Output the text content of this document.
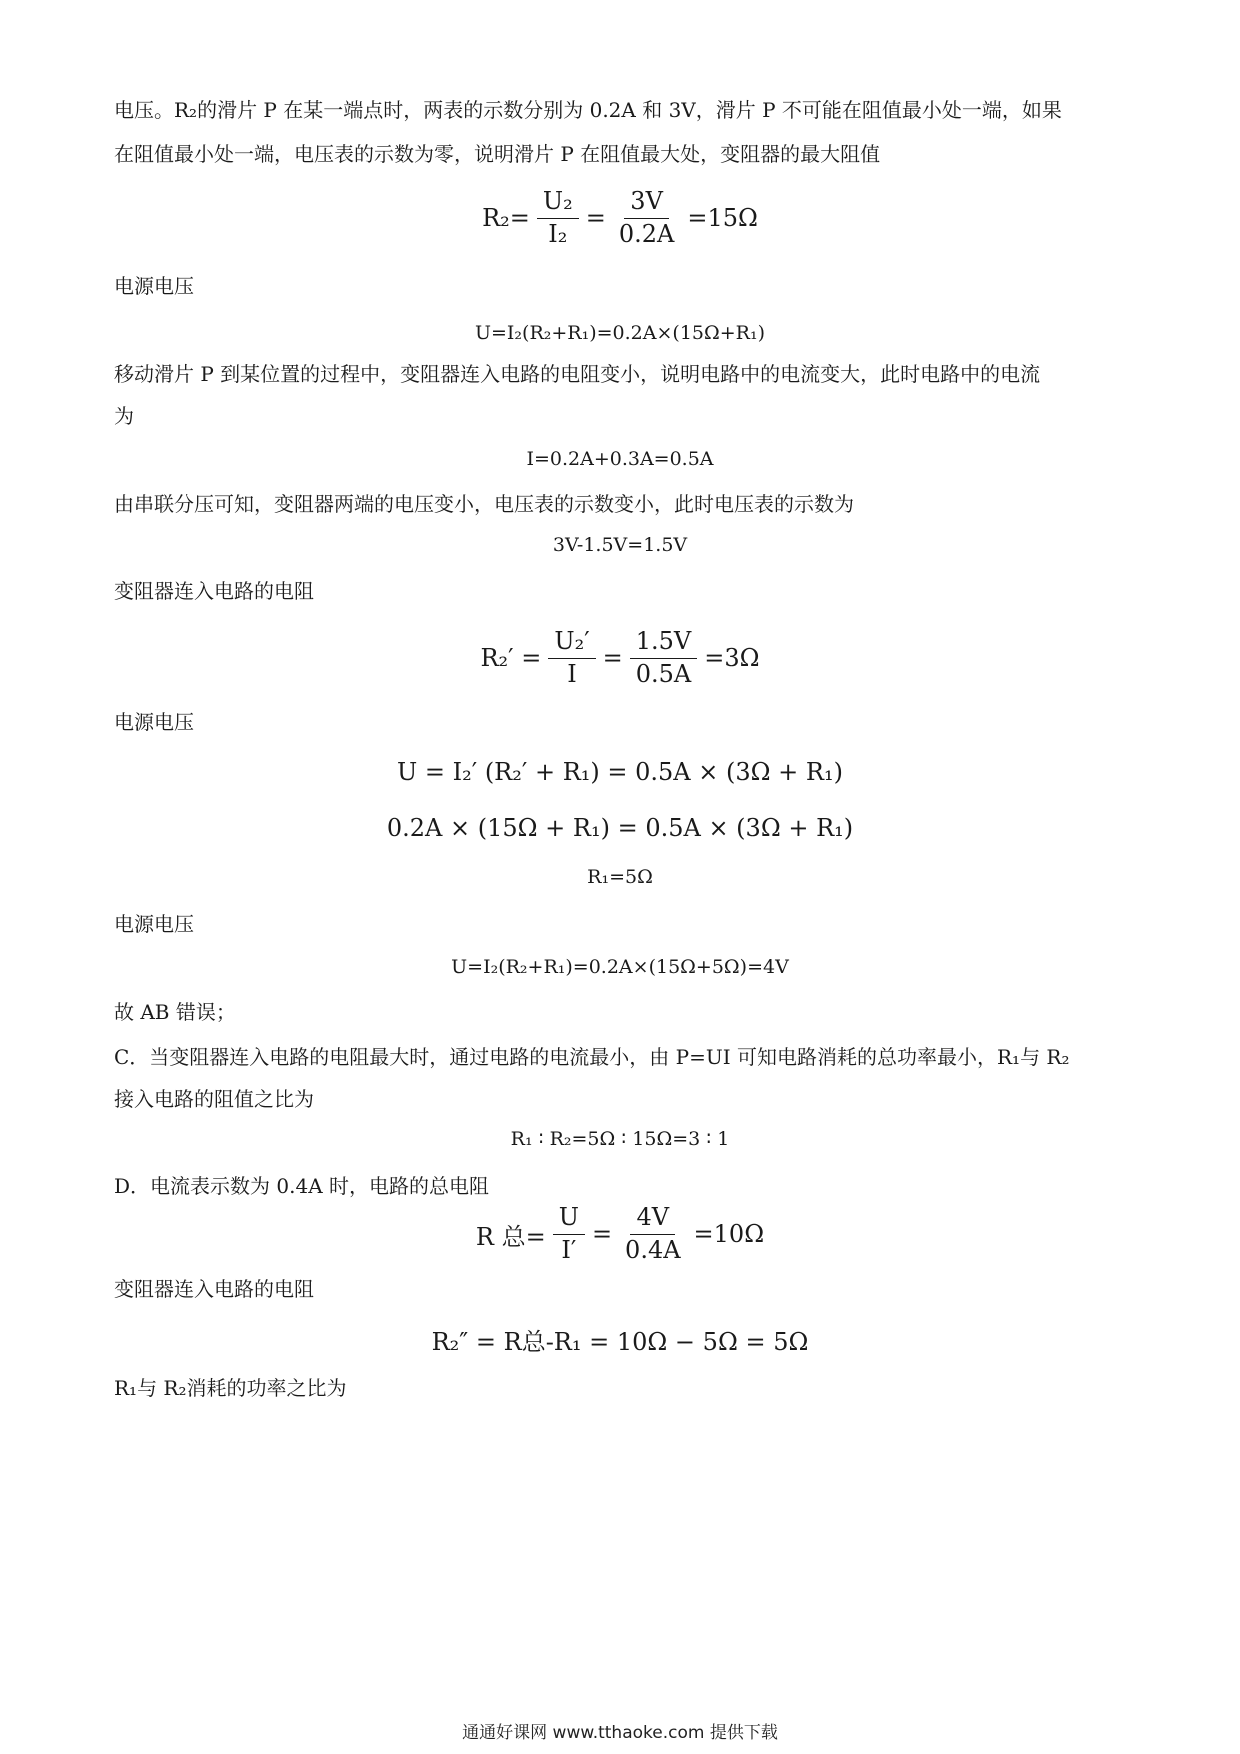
电压。R₂的滑片 P 在某一端点时，两表的示数分别为 0.2A 和 3V，滑片 P 不可能在阻值最小处一端，如果
在阻值最小处一端，电压表的示数为零，说明滑片 P 在阻值最大处，变阻器的最大阻值
$R_2= \frac{\text{U₂}}{\text{I₂}} = \frac{3V}{0.2A} =15\Omega$
电源电压
U=I₂(R₂+R₁)=0.2A×(15Ω+R₁)
移动滑片 P 到某位置的过程中，变阻器连入电路的电阻变小，说明电路中的电流变大，此时电路中的电流
为
I=0.2A+0.3A=0.5A
由串联分压可知，变阻器两端的电压变小，电压表的示数变小，此时电压表的示数为
3V-1.5V=1.5V
变阻器连入电路的电阻
$R_2' = \frac{\text{U₂′}}{I} = \frac{1.5V}{0.5A} =3\Omega$
电源电压
U = I₂′ (R₂′ + R₁) = 0.5A × (3Ω + R₁)
0.2A × (15Ω + R₁) = 0.5A × (3Ω + R₁)
R₁=5Ω
电源电压
U=I₂(R₂+R₁)=0.2A×(15Ω+5Ω)=4V
故 AB 错误；
C．当变阻器连入电路的电阻最大时，通过电路的电流最小，由 P=UI 可知电路消耗的总功率最小，R₁与 R₂
接入电路的阻值之比为
R₁ ∶ R₂=5Ω ∶ 15Ω=3 ∶ 1
D．电流表示数为 0.4A 时，电路的总电阻
R 总= $\frac{U}{I'} = \frac{4V}{0.4A} =10\Omega$
变阻器连入电路的电阻
R₂″ = R总-R₁ = 10Ω − 5Ω = 5Ω
R₁与 R₂消耗的功率之比为
通通好课网 www.tthaoke.com 提供下载
